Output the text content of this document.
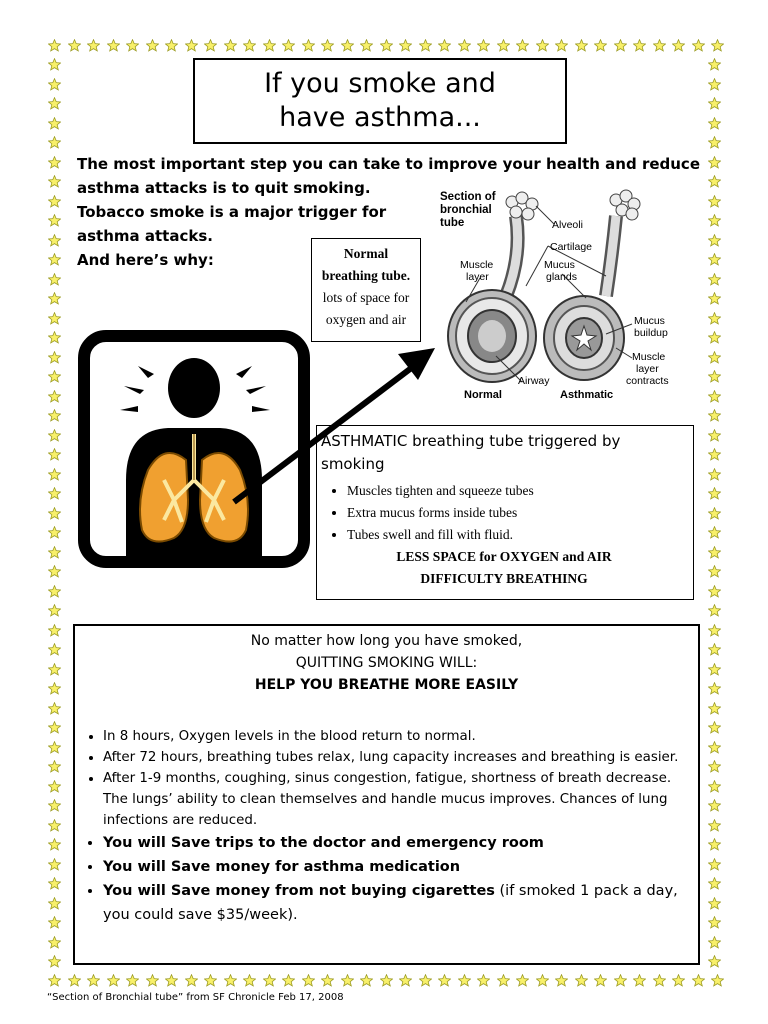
If you smoke and have asthma...
The most important step you can take to improve your health and reduce
asthma attacks is to quit smoking.
Tobacco smoke is a major trigger for
asthma attacks.
And here’s why:	Normal
breathing tube.
lots of space for
oxygen and air
Section of
bronchial
tube	Alveoli
Cartilage
Muscle
layer
Mucus
glands
Mucus
buildup
Muscle
layer
contracts
Airway
Normal	Asthmatic
ASTHMATIC breathing tube triggered by
smoking
• Muscles tighten and squeeze tubes
• Extra mucus forms inside tubes
• Tubes swell and fill with fluid.
LESS SPACE for OXYGEN and AIR
DIFFICULTY BREATHING
No matter how long you have smoked,
QUITTING SMOKING WILL:
HELP YOU BREATHE MORE EASILY
• In 8 hours, Oxygen levels in the blood return to normal.
• After 72 hours, breathing tubes relax, lung capacity increases and breathing is easier.
• After 1-9 months, coughing, sinus congestion, fatigue, shortness of breath decrease. The lungs’ ability to clean themselves and handle mucus improves. Chances of lung infections are reduced.
• You will Save trips to the doctor and emergency room
• You will Save money for asthma medication
• You will Save money from not buying cigarettes (if smoked 1 pack a day, you could save $35/week).
“Section of Bronchial tube” from SF Chronicle Feb 17, 2008
